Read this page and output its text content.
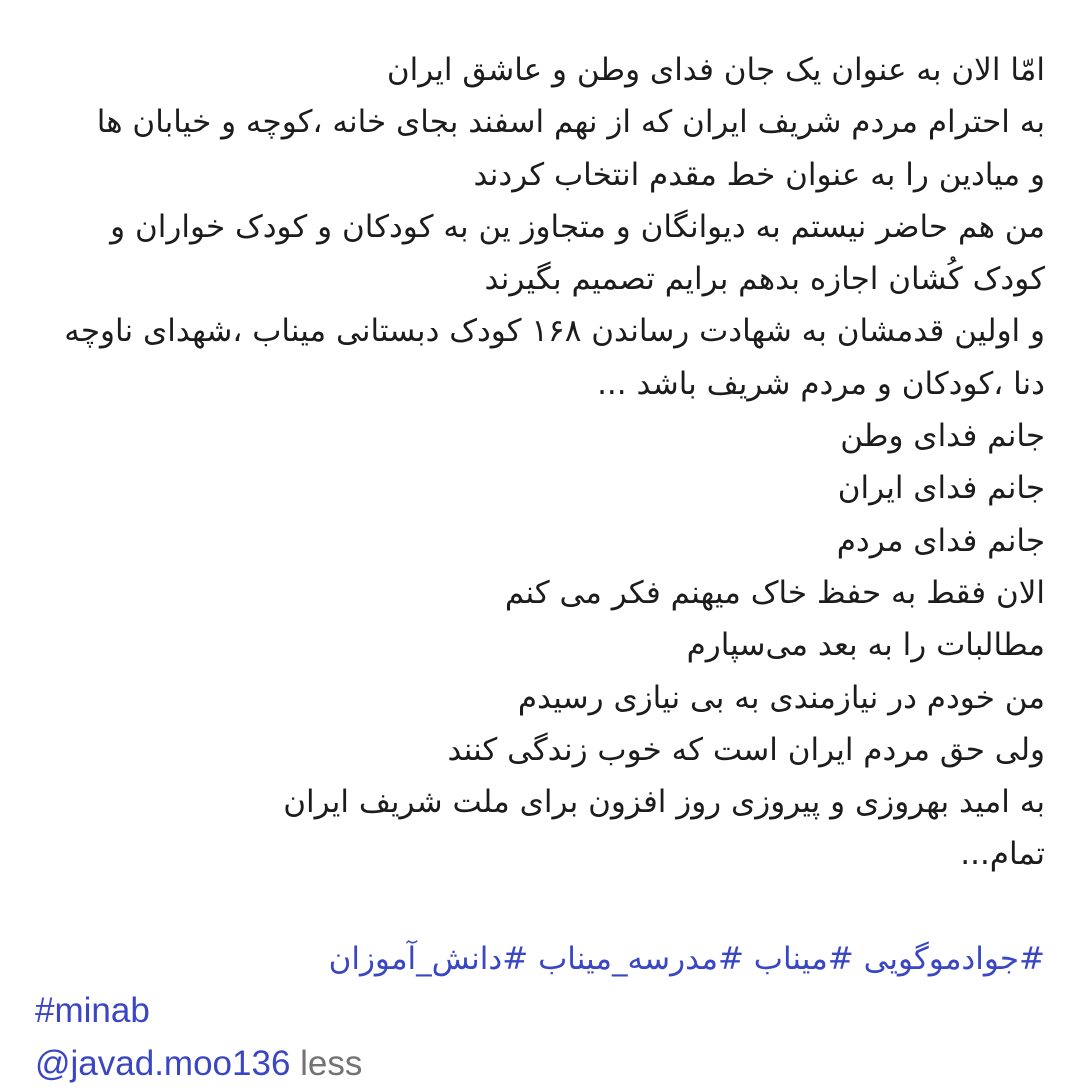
امّا الان به عنوان یک جان فدای وطن و عاشق ایران
به احترام مردم شریف ایران که از نهم اسفند بجای خانه ،کوچه و خیابان ها
و میادین را به عنوان خط مقدم انتخاب کردند
من هم حاضر نیستم به دیوانگان و متجاوز ین به کودکان و کودک خواران و
کودک کُشان اجازه بدهم برایم تصمیم بگیرند
و اولین قدمشان به شهادت رساندن ۱۶۸ کودک دبستانی میناب ،شهدای ناوچه
دنا ،کودکان و مردم شریف باشد ...
جانم فدای وطن
جانم فدای ایران
جانم فدای مردم
الان فقط به حفظ خاک میهنم فکر می کنم
مطالبات را به بعد می‌سپارم
من خودم در نیازمندی به بی نیازی رسیدم
ولی حق مردم ایران است که خوب زندگی کنند
به امید بهروزی و پیروزی روز افزون برای ملت شریف ایران
تمام...
#جوادموگویی #میناب #مدرسه_میناب #دانش_آموزان
#minab
@javad.moo136 less
